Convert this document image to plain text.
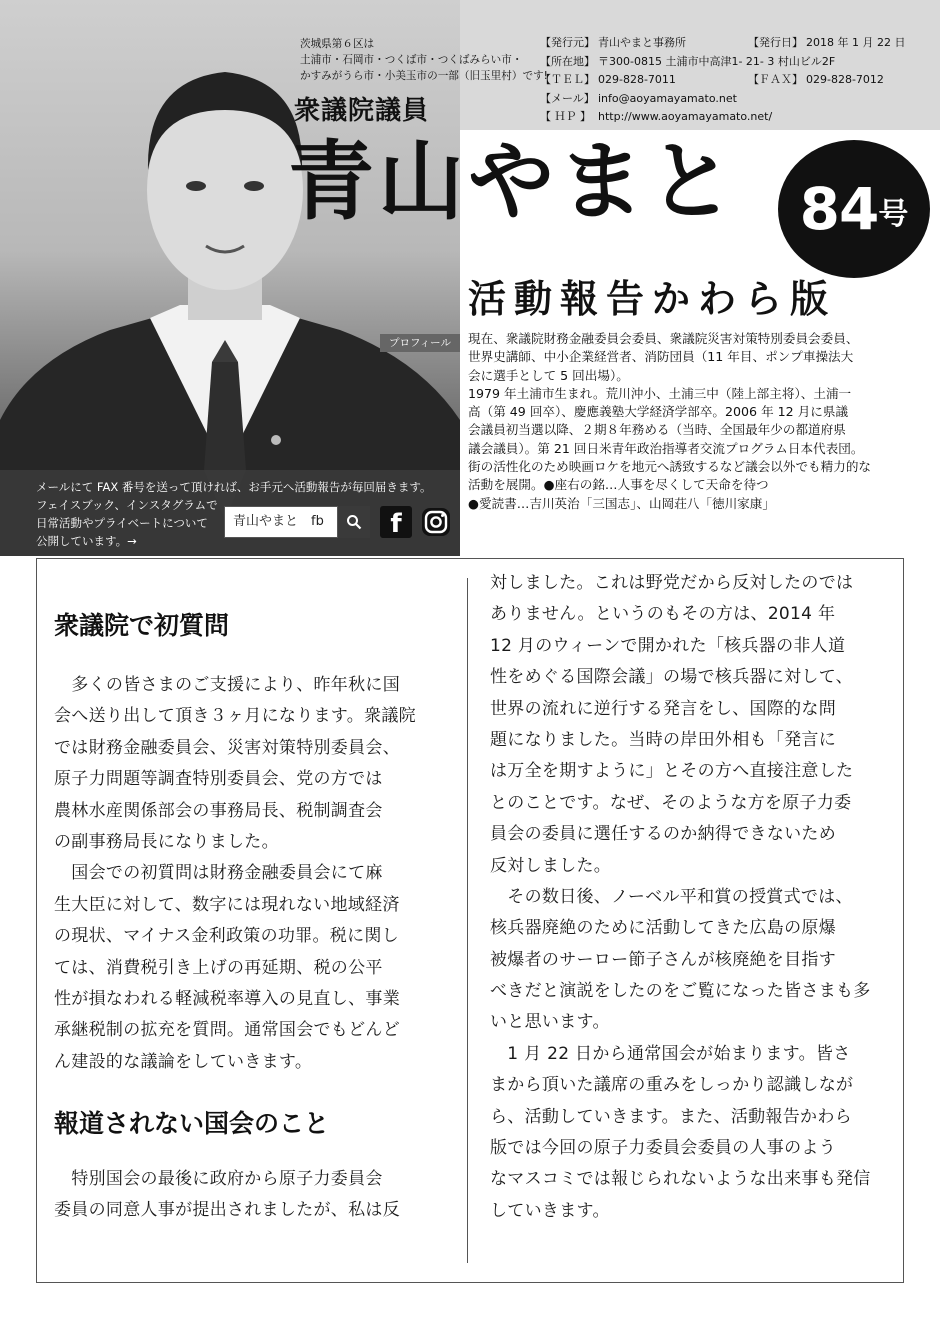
メールにて FAX 番号を送って頂ければ、お手元へ活動報告が毎回届きます。
フェイスブック、インスタグラムで
日常活動やプライベートについて
公開しています。→
青山やまと　fb	f
茨城県第６区は
土浦市・石岡市・つくば市・つくばみらい市・
かすみがうら市・小美玉市の一部（旧玉里村）です!
【発行元】 青山やまと事務所	【発行日】 2018 年 1 月 22 日
【所在地】 〒300-0815 土浦市中高津1- 21- 3 村山ビル2F
【ＴＥＬ】 029-828-7011	【ＦＡＸ】 029-828-7012
【メール】 info@aoyamayamato.net
【 ＨＰ 】 http://www.aoyamayamato.net/
衆議院議員
青山やまと 84 号
活動報告かわら版
プロフィール	現在、衆議院財務金融委員会委員、衆議院災害対策特別委員会委員、
世界史講師、中小企業経営者、消防団員（11 年目、ポンプ車操法大
会に選手として 5 回出場）。
1979 年土浦市生まれ。荒川沖小、土浦三中（陸上部主将）、土浦一
高（第 49 回卒）、慶應義塾大学経済学部卒。2006 年 12 月に県議
会議員初当選以降、２期８年務める（当時、全国最年少の都道府県
議会議員）。第 21 回日米青年政治指導者交流プログラム日本代表団。
街の活性化のため映画ロケを地元へ誘致するなど議会以外でも精力的な
活動を展開。●座右の銘…人事を尽くして天命を待つ
●愛読書…吉川英治「三国志」、山岡荘八「徳川家康」
衆議院で初質問
　多くの皆さまのご支援により、昨年秋に国
会へ送り出して頂き３ヶ月になります。衆議院
では財務金融委員会、災害対策特別委員会、
原子力問題等調査特別委員会、党の方では
農林水産関係部会の事務局長、税制調査会
の副事務局長になりました。
　国会での初質問は財務金融委員会にて麻
生大臣に対して、数字には現れない地域経済
の現状、マイナス金利政策の功罪。税に関し
ては、消費税引き上げの再延期、税の公平
性が損なわれる軽減税率導入の見直し、事業
承継税制の拡充を質問。通常国会でもどんど
ん建設的な議論をしていきます。
報道されない国会のこと
　特別国会の最後に政府から原子力委員会
委員の同意人事が提出されましたが、私は反
対しました。これは野党だから反対したのでは
ありません。というのもその方は、2014 年
12 月のウィーンで開かれた「核兵器の非人道
性をめぐる国際会議」の場で核兵器に対して、
世界の流れに逆行する発言をし、国際的な問
題になりました。当時の岸田外相も「発言に
は万全を期すように」とその方へ直接注意した
とのことです。なぜ、そのような方を原子力委
員会の委員に選任するのか納得できないため
反対しました。
　その数日後、ノーベル平和賞の授賞式では、
核兵器廃絶のために活動してきた広島の原爆
被爆者のサーロー節子さんが核廃絶を目指す
べきだと演説をしたのをご覧になった皆さまも多
いと思います。
　1 月 22 日から通常国会が始まります。皆さ
まから頂いた議席の重みをしっかり認識しなが
ら、活動していきます。また、活動報告かわら
版では今回の原子力委員会委員の人事のよう
なマスコミでは報じられないような出来事も発信
していきます。
